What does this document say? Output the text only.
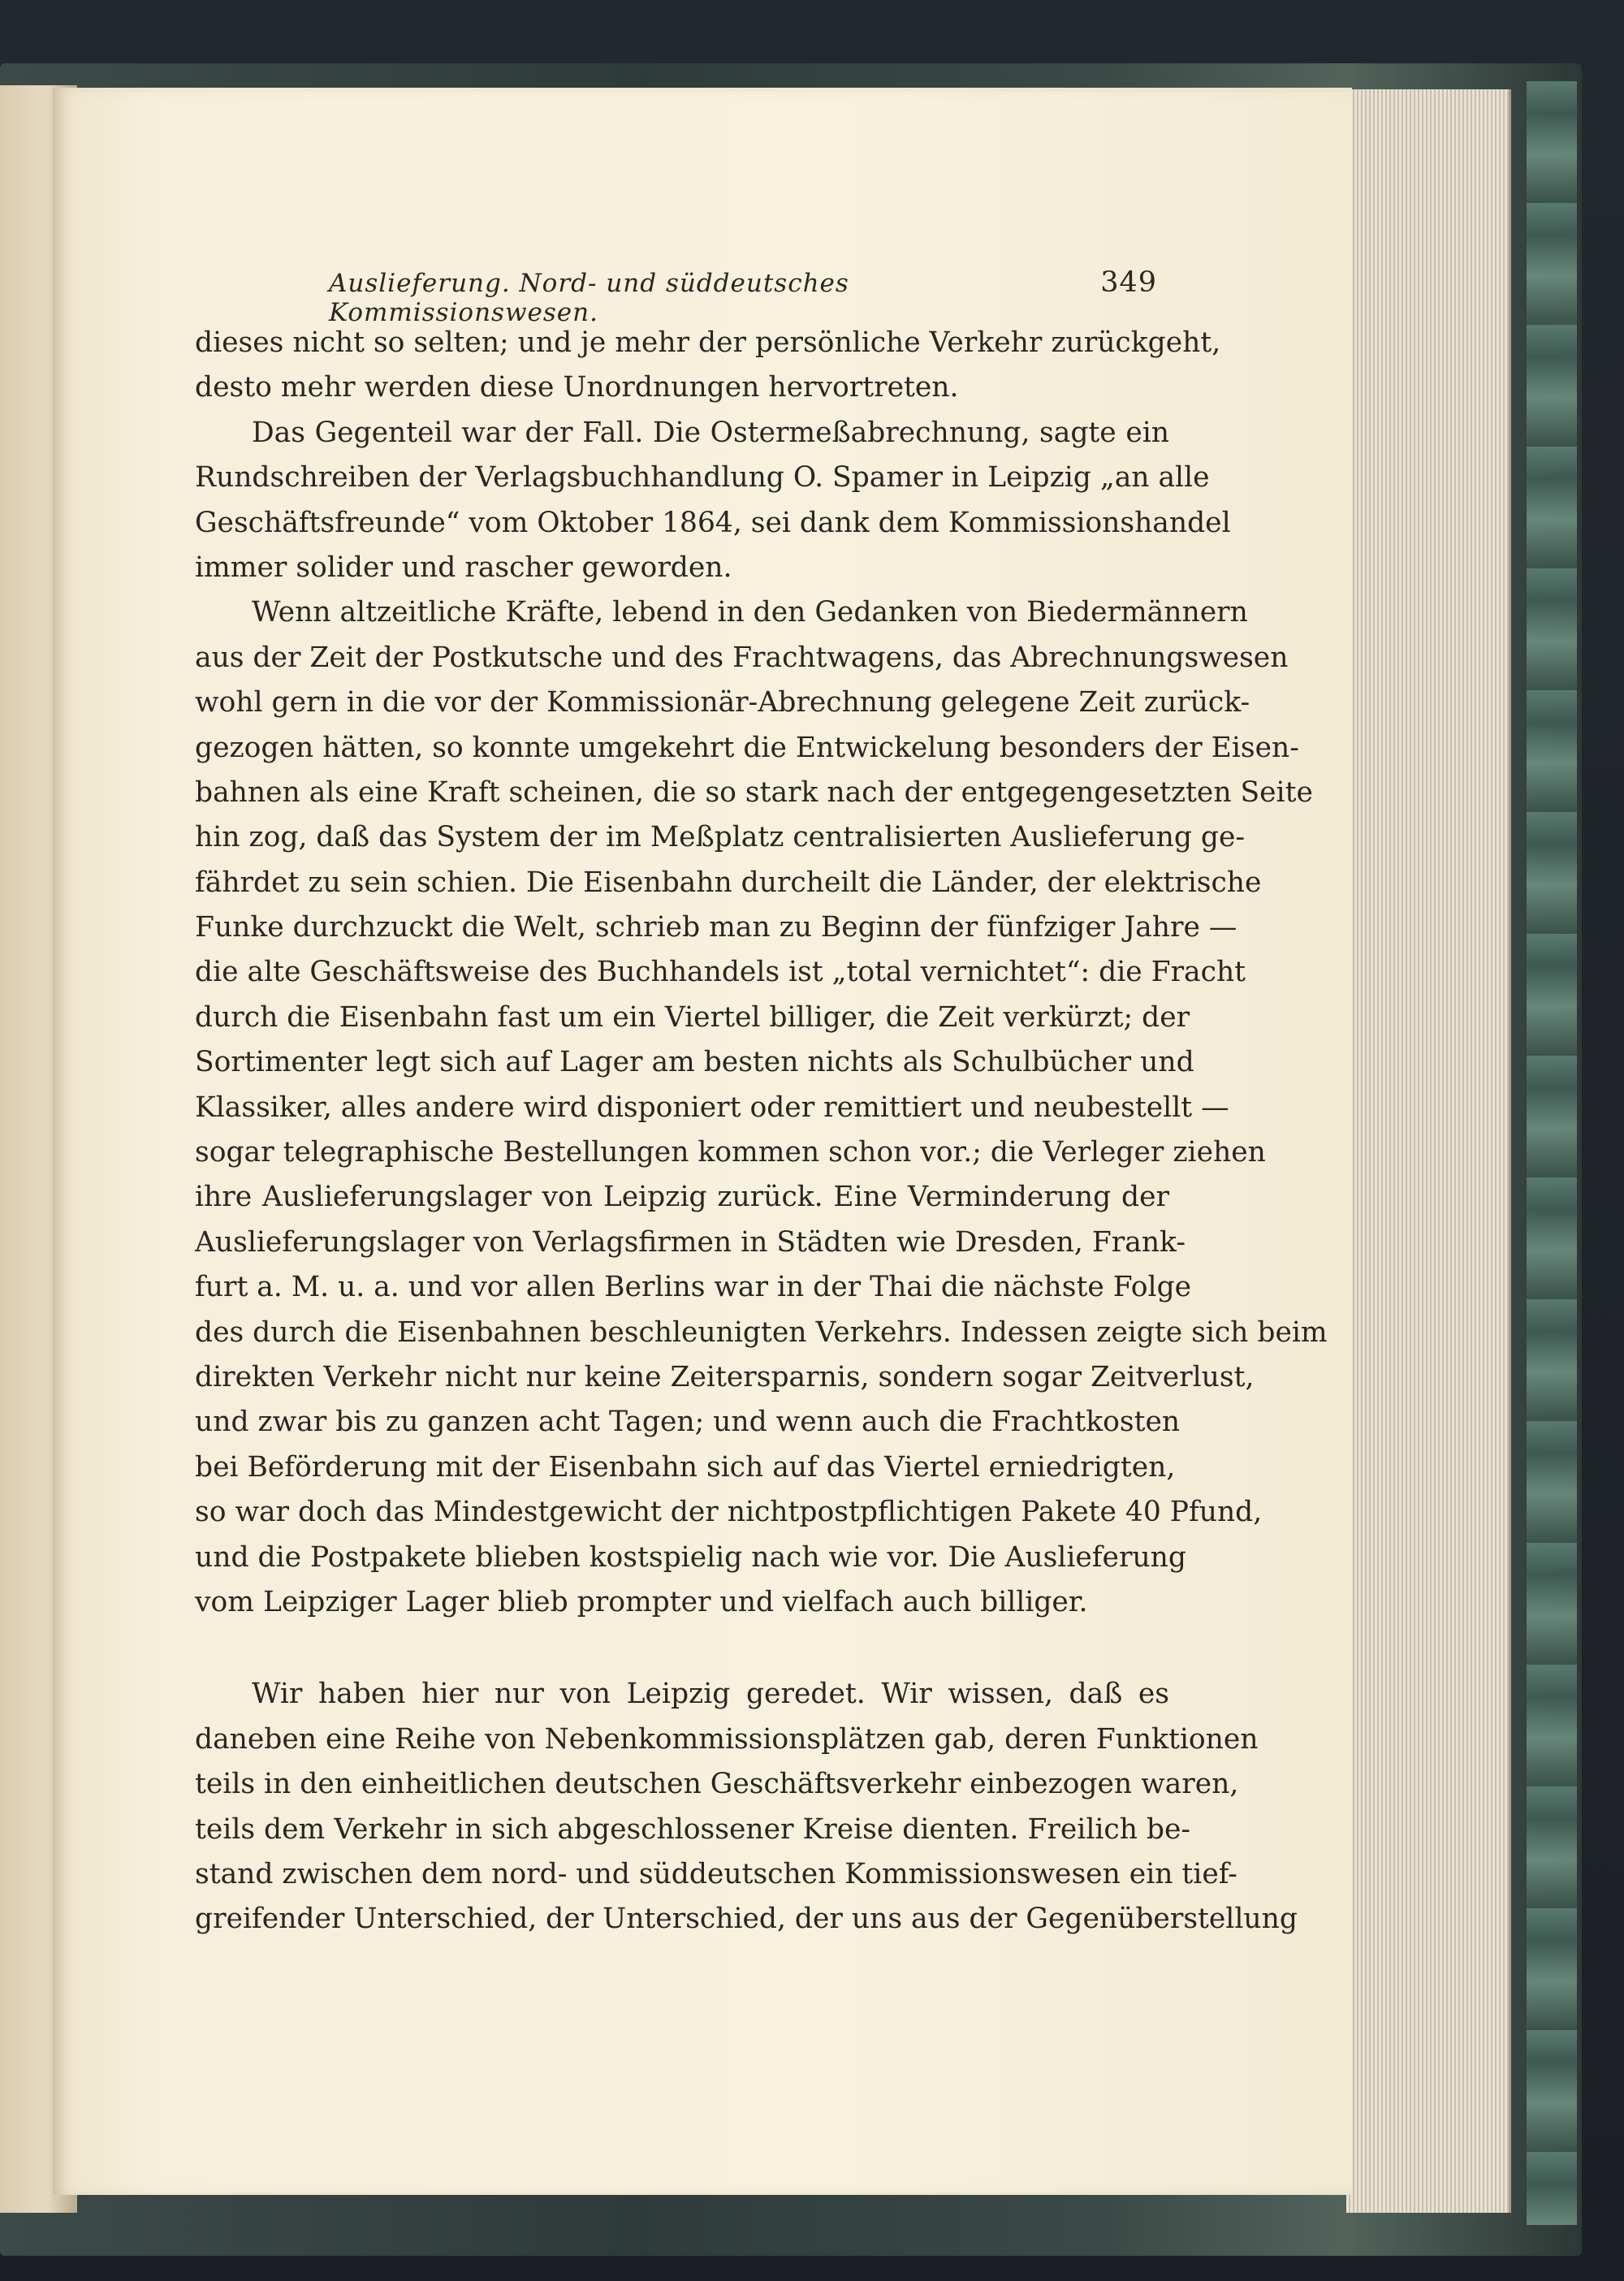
Auslieferung. Nord- und süddeutsches Kommissionswesen.
349
dieses nicht so selten; und je mehr der persönliche Verkehr zurückgeht,
desto mehr werden diese Unordnungen hervortreten.
Das Gegenteil war der Fall. Die Ostermeßabrechnung, sagte ein
Rundschreiben der Verlagsbuchhandlung O. Spamer in Leipzig „an alle
Geschäftsfreunde“ vom Oktober 1864, sei dank dem Kommissionshandel
immer solider und rascher geworden.
Wenn altzeitliche Kräfte, lebend in den Gedanken von Biedermännern
aus der Zeit der Postkutsche und des Frachtwagens, das Abrechnungswesen
wohl gern in die vor der Kommissionär-Abrechnung gelegene Zeit zurück-
gezogen hätten, so konnte umgekehrt die Entwickelung besonders der Eisen-
bahnen als eine Kraft scheinen, die so stark nach der entgegengesetzten Seite
hin zog, daß das System der im Meßplatz centralisierten Auslieferung ge-
fährdet zu sein schien. Die Eisenbahn durcheilt die Länder, der elektrische
Funke durchzuckt die Welt, schrieb man zu Beginn der fünfziger Jahre —
die alte Geschäftsweise des Buchhandels ist „total vernichtet“: die Fracht
durch die Eisenbahn fast um ein Viertel billiger, die Zeit verkürzt; der
Sortimenter legt sich auf Lager am besten nichts als Schulbücher und
Klassiker, alles andere wird disponiert oder remittiert und neubestellt —
sogar telegraphische Bestellungen kommen schon vor.; die Verleger ziehen
ihre Auslieferungslager von Leipzig zurück. Eine Verminderung der
Auslieferungslager von Verlagsfirmen in Städten wie Dresden, Frank-
furt a. M. u. a. und vor allen Berlins war in der Thai die nächste Folge
des durch die Eisenbahnen beschleunigten Verkehrs. Indessen zeigte sich beim
direkten Verkehr nicht nur keine Zeitersparnis, sondern sogar Zeitverlust,
und zwar bis zu ganzen acht Tagen; und wenn auch die Frachtkosten
bei Beförderung mit der Eisenbahn sich auf das Viertel erniedrigten,
so war doch das Mindestgewicht der nichtpostpflichtigen Pakete 40 Pfund,
und die Postpakete blieben kostspielig nach wie vor. Die Auslieferung
vom Leipziger Lager blieb prompter und vielfach auch billiger.
Wir haben hier nur von Leipzig geredet. Wir wissen, daß es
daneben eine Reihe von Nebenkommissionsplätzen gab, deren Funktionen
teils in den einheitlichen deutschen Geschäftsverkehr einbezogen waren,
teils dem Verkehr in sich abgeschlossener Kreise dienten. Freilich be-
stand zwischen dem nord- und süddeutschen Kommissionswesen ein tief-
greifender Unterschied, der Unterschied, der uns aus der Gegenüberstellung
